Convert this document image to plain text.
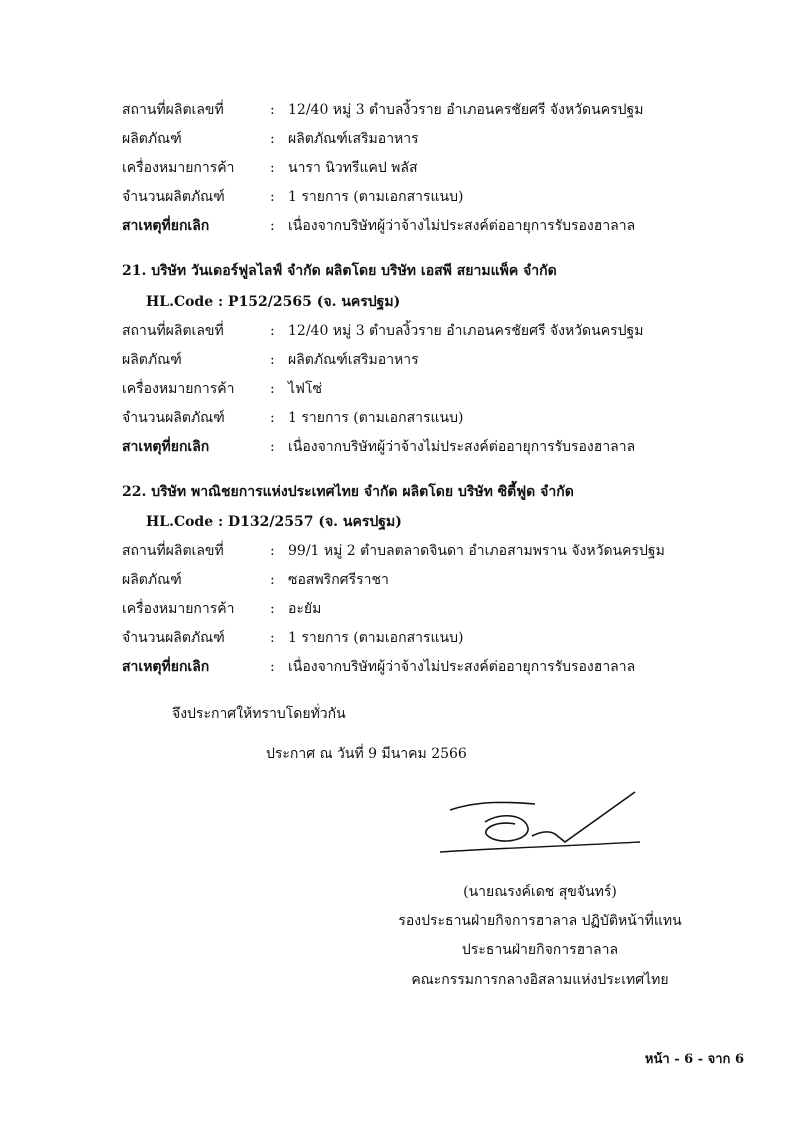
สถานที่ผลิตเลขที่	: 12/40 หมู่ 3 ตำบลงิ้วราย อำเภอนครชัยศรี จังหวัดนครปฐม
ผลิตภัณฑ์	: ผลิตภัณฑ์เสริมอาหาร
เครื่องหมายการค้า	: นารา นิวทรีแคป พลัส
จำนวนผลิตภัณฑ์	: 1 รายการ (ตามเอกสารแนบ)
สาเหตุที่ยกเลิก	: เนื่องจากบริษัทผู้ว่าจ้างไม่ประสงค์ต่ออายุการรับรองฮาลาล
21. บริษัท วันเดอร์ฟูลไลฟ์ จำกัด ผลิตโดย บริษัท เอสพี สยามแพ็ค จำกัด
HL.Code : P152/2565 (จ. นครปฐม)
สถานที่ผลิตเลขที่	: 12/40 หมู่ 3 ตำบลงิ้วราย อำเภอนครชัยศรี จังหวัดนครปฐม
ผลิตภัณฑ์	: ผลิตภัณฑ์เสริมอาหาร
เครื่องหมายการค้า	: ไฟโซ่
จำนวนผลิตภัณฑ์	: 1 รายการ (ตามเอกสารแนบ)
สาเหตุที่ยกเลิก	: เนื่องจากบริษัทผู้ว่าจ้างไม่ประสงค์ต่ออายุการรับรองฮาลาล
22. บริษัท พาณิชยการแห่งประเทศไทย จำกัด ผลิตโดย บริษัท ซิตี้ฟูด จำกัด
HL.Code : D132/2557 (จ. นครปฐม)
สถานที่ผลิตเลขที่	: 99/1 หมู่ 2 ตำบลตลาดจินดา อำเภอสามพราน จังหวัดนครปฐม
ผลิตภัณฑ์	: ซอสพริกศรีราชา
เครื่องหมายการค้า	: อะยัม
จำนวนผลิตภัณฑ์	: 1 รายการ (ตามเอกสารแนบ)
สาเหตุที่ยกเลิก	: เนื่องจากบริษัทผู้ว่าจ้างไม่ประสงค์ต่ออายุการรับรองฮาลาล
จึงประกาศให้ทราบโดยทั่วกัน
ประกาศ ณ วันที่ 9 มีนาคม 2566
(นายณรงค์เดช สุขจันทร์)
รองประธานฝ่ายกิจการฮาลาล ปฏิบัติหน้าที่แทน
ประธานฝ่ายกิจการฮาลาล
คณะกรรมการกลางอิสลามแห่งประเทศไทย
หน้า - 6 - จาก 6
